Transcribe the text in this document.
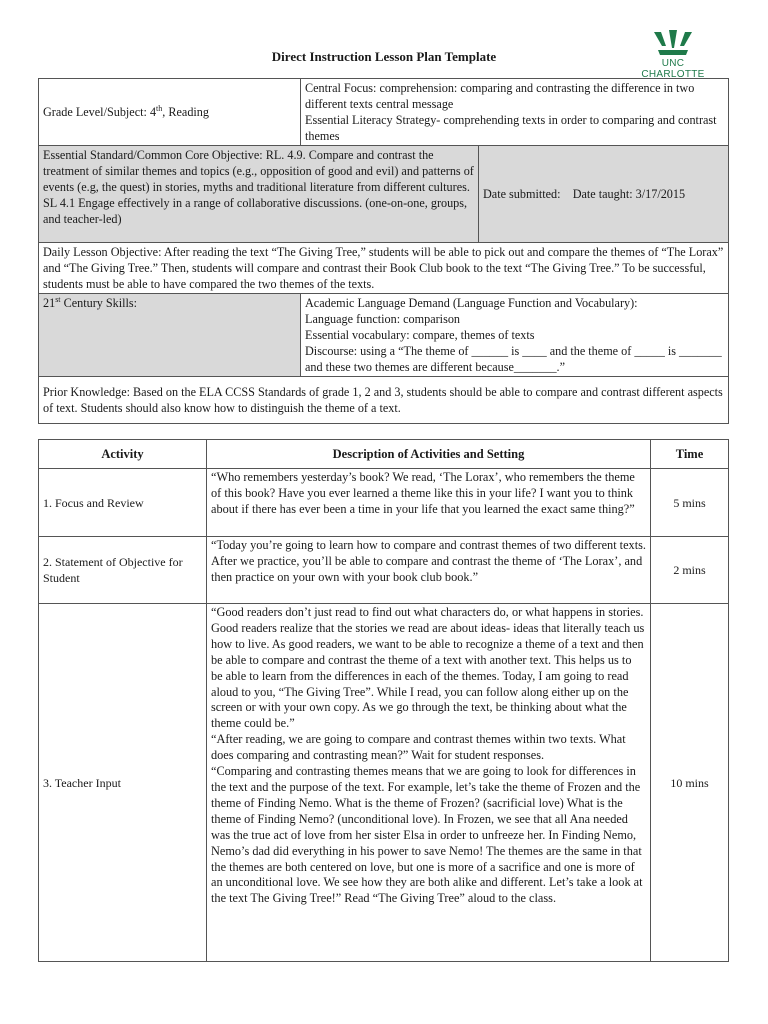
Direct Instruction Lesson Plan Template	UNC CHARLOTTE
Grade Level/Subject: 4th, Reading	Central Focus: comprehension: comparing and contrasting the difference in two different texts central message
Essential Literacy Strategy- comprehending texts in order to comparing and contrast themes	

Essential Standard/Common Core Objective: RL. 4.9. Compare and contrast the treatment of similar themes and topics (e.g., opposition of good and evil) and patterns of events (e.g, the quest) in stories, myths and traditional literature from different cultures.
SL 4.1 Engage effectively in a range of collaborative discussions. (one-on-one, groups, and teacher-led)		Date submitted: Date taught: 3/17/2015
Daily Lesson Objective: After reading the text “The Giving Tree,” students will be able to pick out and compare the themes of “The Lorax” and “The Giving Tree.” Then, students will compare and contrast their Book Club book to the text “The Giving Tree.” To be successful, students must be able to have compared the two themes of the texts.		
21st Century Skills:	Academic Language Demand (Language Function and Vocabulary):
Language function: comparison
Essential vocabulary: compare, themes of texts
Discourse: using a “The theme of ______ is ____ and the theme of _____ is _______ and these two themes are different because_______.”	

Prior Knowledge: Based on the ELA CCSS Standards of grade 1, 2 and 3, students should be able to compare and contrast different aspects of text. Students should also know how to distinguish the theme of a text.		
Activity	Description of Activities and Setting	Time
1. Focus and Review	“Who remembers yesterday’s book? We read, ‘The Lorax’, who remembers the theme of this book? Have you ever learned a theme like this in your life? I want you to think about if there has ever been a time in your life that you learned the exact same thing?”	5 mins
2. Statement of Objective for Student	“Today you’re going to learn how to compare and contrast themes of two different texts. After we practice, you’ll be able to compare and contrast the theme of ‘The Lorax’, and then practice on your own with your book club book.”	2 mins
3. Teacher Input	“Good readers don’t just read to find out what characters do, or what happens in stories. Good readers realize that the stories we read are about ideas- ideas that literally teach us how to live. As good readers, we want to be able to recognize a theme of a text and then be able to compare and contrast the theme of a text with another text. This helps us to be able to learn from the differences in each of the themes. Today, I am going to read aloud to you, “The Giving Tree”. While I read, you can follow along either up on the screen or with your own copy. As we go through the text, be thinking about what the theme could be.”

“After reading, we are going to compare and contrast themes within two texts. What does comparing and contrasting mean?” Wait for student responses.

“Comparing and contrasting themes means that we are going to look for differences in the text and the purpose of the text. For example, let’s take the theme of Frozen and the theme of Finding Nemo. What is the theme of Frozen? (sacrificial love) What is the theme of Finding Nemo? (unconditional love). In Frozen, we see that all Ana needed was the true act of love from her sister Elsa in order to unfreeze her. In Finding Nemo, Nemo’s dad did everything in his power to save Nemo! The themes are the same in that the themes are both centered on love, but one is more of a sacrifice and one is more of an unconditional love. We see how they are both alike and different. Let’s take a look at the text The Giving Tree!” Read “The Giving Tree” aloud to the class.	10 mins
